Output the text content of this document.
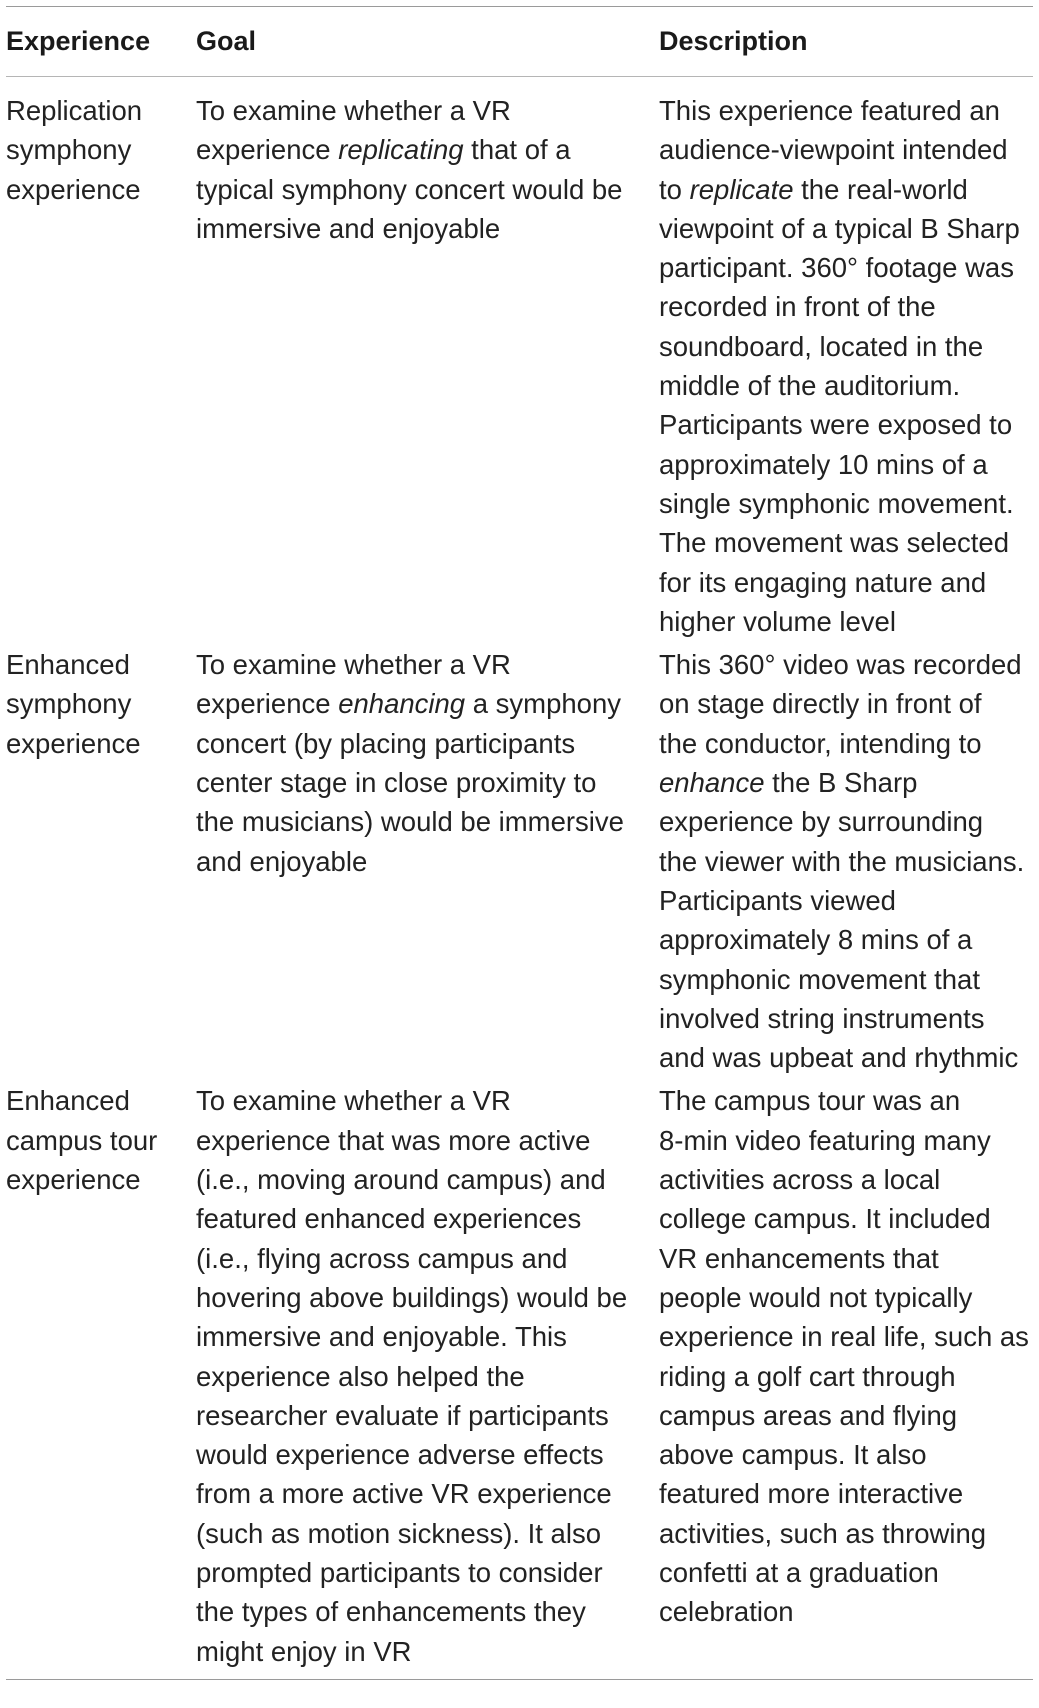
Experience	Goal	Description
Replication
symphony
experience
To examine whether a VR
experience replicating that of a
typical symphony concert would be
immersive and enjoyable
This experience featured an
audience-viewpoint intended
to replicate the real-world
viewpoint of a typical B Sharp
participant. 360° footage was
recorded in front of the
soundboard, located in the
middle of the auditorium.
Participants were exposed to
approximately 10 mins of a
single symphonic movement.
The movement was selected
for its engaging nature and
higher volume level
Enhanced
symphony
experience
To examine whether a VR
experience enhancing a symphony
concert (by placing participants
center stage in close proximity to
the musicians) would be immersive
and enjoyable
This 360° video was recorded
on stage directly in front of
the conductor, intending to
enhance the B Sharp
experience by surrounding
the viewer with the musicians.
Participants viewed
approximately 8 mins of a
symphonic movement that
involved string instruments
and was upbeat and rhythmic
Enhanced
campus tour
experience
To examine whether a VR
experience that was more active
(i.e., moving around campus) and
featured enhanced experiences
(i.e., flying across campus and
hovering above buildings) would be
immersive and enjoyable. This
experience also helped the
researcher evaluate if participants
would experience adverse effects
from a more active VR experience
(such as motion sickness). It also
prompted participants to consider
the types of enhancements they
might enjoy in VR
The campus tour was an
8-min video featuring many
activities across a local
college campus. It included
VR enhancements that
people would not typically
experience in real life, such as
riding a golf cart through
campus areas and flying
above campus. It also
featured more interactive
activities, such as throwing
confetti at a graduation
celebration
